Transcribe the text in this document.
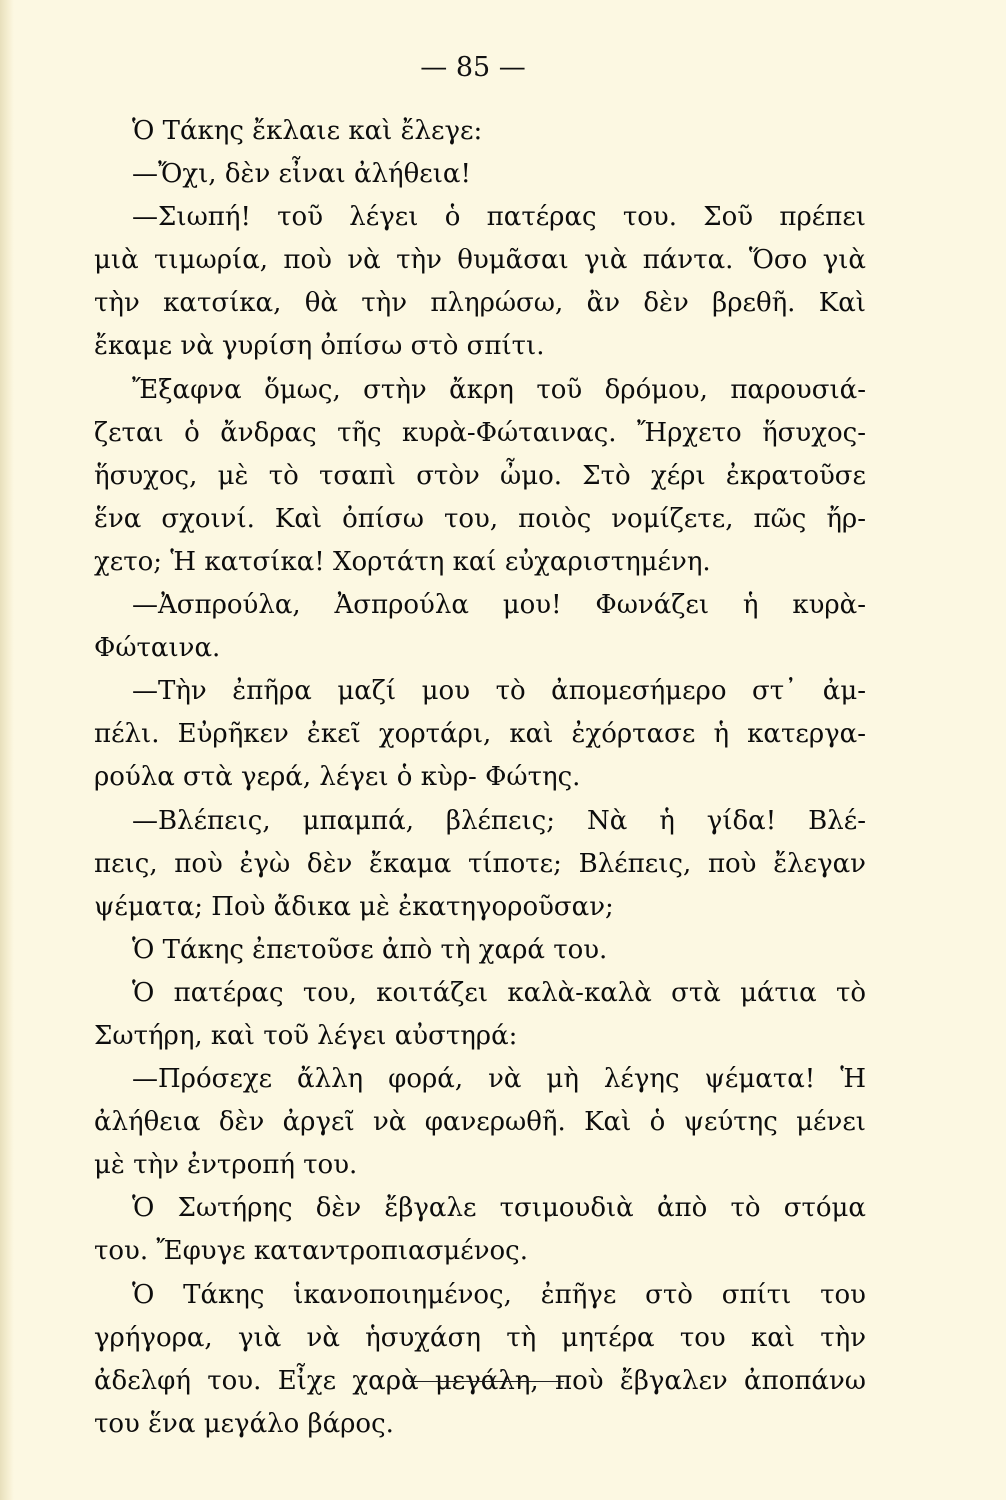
— 85 —
Ὁ Τάκης ἔκλαιε καὶ ἔλεγε:
—Ὄχι, δὲν εἶναι ἀλήθεια!
—Σιωπή! τοῦ λέγει ὁ πατέρας του. Σοῦ πρέπει
μιὰ τιμωρία, ποὺ νὰ τὴν θυμᾶσαι γιὰ πάντα. Ὅσο γιὰ
τὴν κατσίκα, θὰ τὴν πληρώσω, ἂν δὲν βρεθῆ. Καὶ
ἔκαμε νὰ γυρίση ὀπίσω στὸ σπίτι.
Ἔξαφνα ὅμως, στὴν ἄκρη τοῦ δρόμου, παρουσιά-
ζεται ὁ ἄνδρας τῆς κυρὰ-Φώταινας. Ἤρχετο ἥσυχος-
ἥσυχος, μὲ τὸ τσαπὶ στὸν ὦμο. Στὸ χέρι ἐκρατοῦσε
ἕνα σχοινί. Καὶ ὀπίσω του, ποιὸς νομίζετε, πῶς ἤρ-
χετο; Ἡ κατσίκα! Χορτάτη καί εὐχαριστημένη.
—Ἀσπρούλα, Ἀσπρούλα μου! Φωνάζει ἡ κυρὰ-
Φώταινα.
—Τὴν ἐπῆρα μαζί μου τὸ ἀπομεσήμερο στ᾽ ἀμ-
πέλι. Εὐρῆκεν ἐκεῖ χορτάρι, καὶ ἐχόρτασε ἡ κατεργα-
ρούλα στὰ γερά, λέγει ὁ κὺρ- Φώτης.
—Βλέπεις, μπαμπά, βλέπεις; Νὰ ἡ γίδα! Βλέ-
πεις, ποὺ ἐγὼ δὲν ἔκαμα τίποτε; Βλέπεις, ποὺ ἔλεγαν
ψέματα; Ποὺ ἄδικα μὲ ἐκατηγοροῦσαν;
Ὁ Τάκης ἐπετοῦσε ἀπὸ τὴ χαρά του.
Ὁ πατέρας του, κοιτάζει καλὰ-καλὰ στὰ μάτια τὸ
Σωτήρη, καὶ τοῦ λέγει αὐστηρά:
—Πρόσεχε ἄλλη φορά, νὰ μὴ λέγης ψέματα! Ἡ
ἀλήθεια δὲν ἀργεῖ νὰ φανερωθῆ. Καὶ ὁ ψεύτης μένει
μὲ τὴν ἐντροπή του.
Ὁ Σωτήρης δὲν ἔβγαλε τσιμουδιὰ ἀπὸ τὸ στόμα
του. Ἔφυγε καταντροπιασμένος.
Ὁ Τάκης ἱκανοποιημένος, ἐπῆγε στὸ σπίτι του
γρήγορα, γιὰ νὰ ἡσυχάση τὴ μητέρα του καὶ τὴν
ἀδελφή του. Εἶχε χαρὰ μεγάλη, ποὺ ἔβγαλεν ἀποπάνω
του ἕνα μεγάλο βάρος.
